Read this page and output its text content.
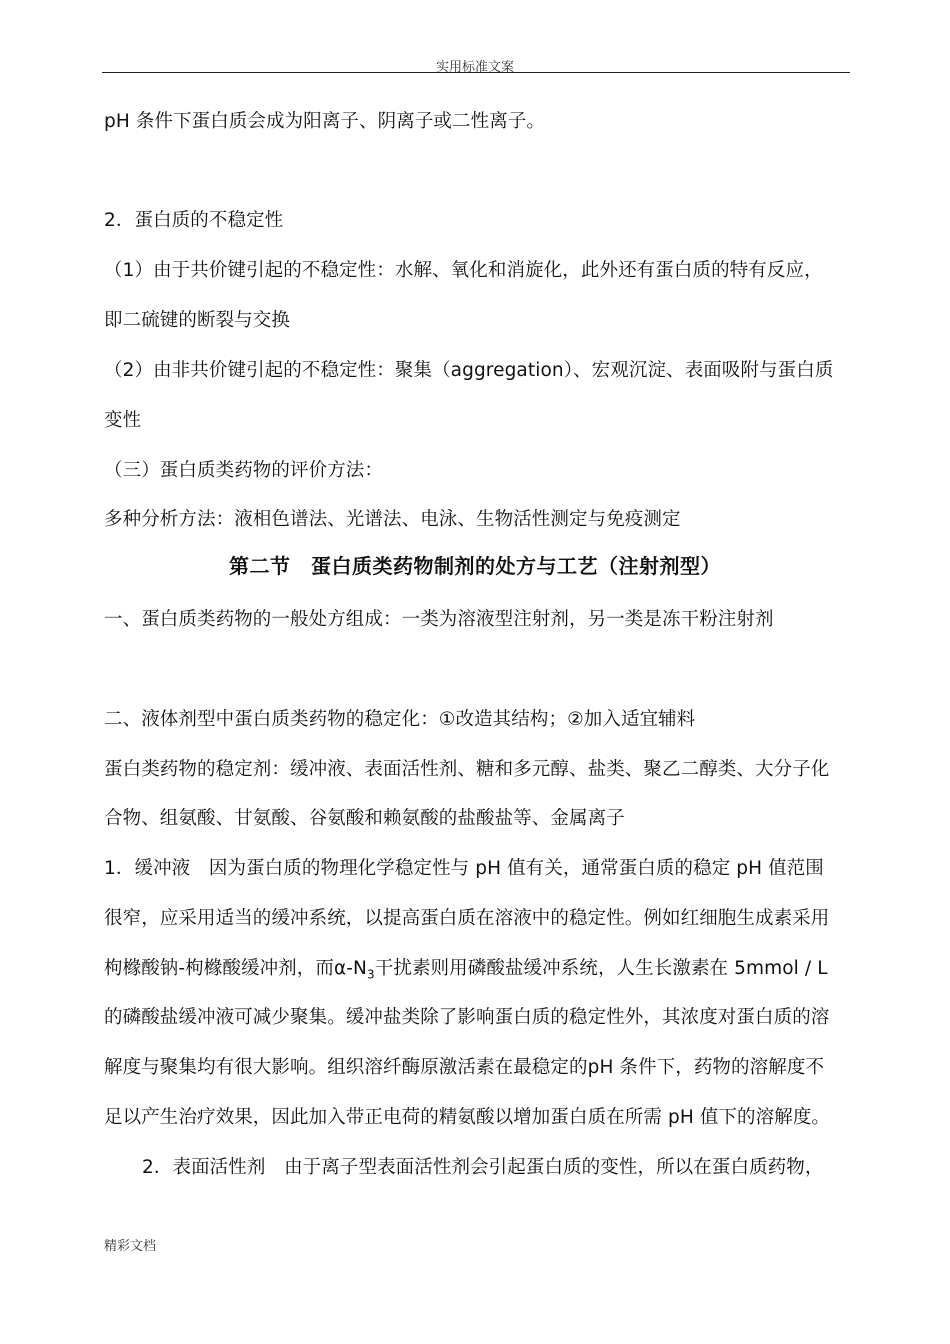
实用标准文案
pH 条件下蛋白质会成为阳离子、阴离子或二性离子。
2．蛋白质的不稳定性
（1）由于共价键引起的不稳定性：水解、氧化和消旋化，此外还有蛋白质的特有反应，
即二硫键的断裂与交换
（2）由非共价键引起的不稳定性：聚集（aggregation）、宏观沉淀、表面吸附与蛋白质
变性
（三）蛋白质类药物的评价方法：
多种分析方法：液相色谱法、光谱法、电泳、生物活性测定与免疫测定
第二节　蛋白质类药物制剂的处方与工艺（注射剂型）
一、蛋白质类药物的一般处方组成：一类为溶液型注射剂，另一类是冻干粉注射剂
二、液体剂型中蛋白质类药物的稳定化：①改造其结构；②加入适宜辅料
蛋白类药物的稳定剂：缓冲液、表面活性剂、糖和多元醇、盐类、聚乙二醇类、大分子化
合物、组氨酸、甘氨酸、谷氨酸和赖氨酸的盐酸盐等、金属离子
1．缓冲液　因为蛋白质的物理化学稳定性与 pH 值有关，通常蛋白质的稳定 pH 值范围
很窄，应采用适当的缓冲系统，以提高蛋白质在溶液中的稳定性。例如红细胞生成素采用
枸橼酸钠-枸橼酸缓冲剂，而$\alpha-N_3$干扰素则用磷酸盐缓冲系统，人生长激素在 5mmol / L
的磷酸盐缓冲液可减少聚集。缓冲盐类除了影响蛋白质的稳定性外，其浓度对蛋白质的溶
解度与聚集均有很大影响。组织溶纤酶原激活素在最稳定的pH 条件下，药物的溶解度不
足以产生治疗效果，因此加入带正电荷的精氨酸以增加蛋白质在所需 pH 值下的溶解度。
2．表面活性剂　由于离子型表面活性剂会引起蛋白质的变性，所以在蛋白质药物，
精彩文档
